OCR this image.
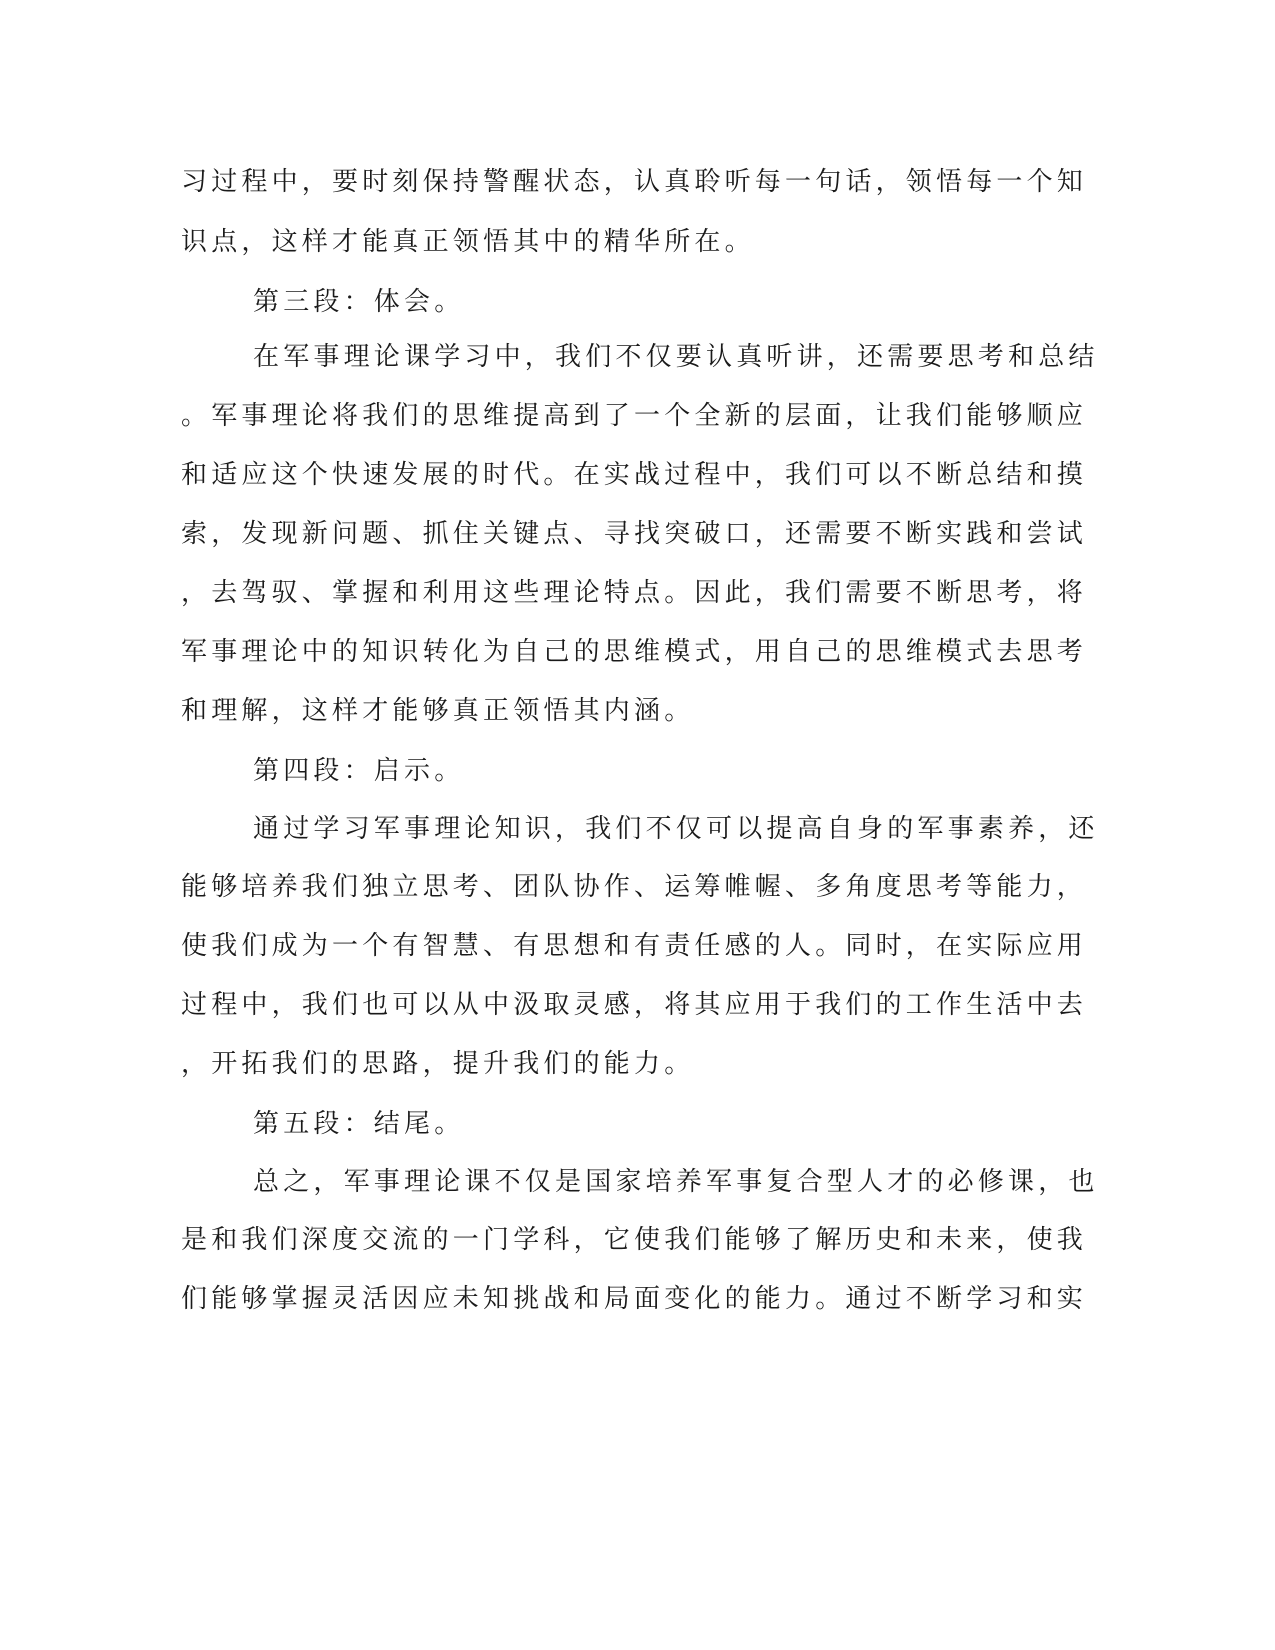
习过程中，要时刻保持警醒状态，认真聆听每一句话，领悟每一个知

识点，这样才能真正领悟其中的精华所在。

第三段：体会。

在军事理论课学习中，我们不仅要认真听讲，还需要思考和总结

。军事理论将我们的思维提高到了一个全新的层面，让我们能够顺应

和适应这个快速发展的时代。在实战过程中，我们可以不断总结和摸

索，发现新问题、抓住关键点、寻找突破口，还需要不断实践和尝试

，去驾驭、掌握和利用这些理论特点。因此，我们需要不断思考，将

军事理论中的知识转化为自己的思维模式，用自己的思维模式去思考

和理解，这样才能够真正领悟其内涵。

第四段：启示。

通过学习军事理论知识，我们不仅可以提高自身的军事素养，还

能够培养我们独立思考、团队协作、运筹帷幄、多角度思考等能力，

使我们成为一个有智慧、有思想和有责任感的人。同时，在实际应用

过程中，我们也可以从中汲取灵感，将其应用于我们的工作生活中去

，开拓我们的思路，提升我们的能力。

第五段：结尾。

总之，军事理论课不仅是国家培养军事复合型人才的必修课，也

是和我们深度交流的一门学科，它使我们能够了解历史和未来，使我

们能够掌握灵活因应未知挑战和局面变化的能力。通过不断学习和实
